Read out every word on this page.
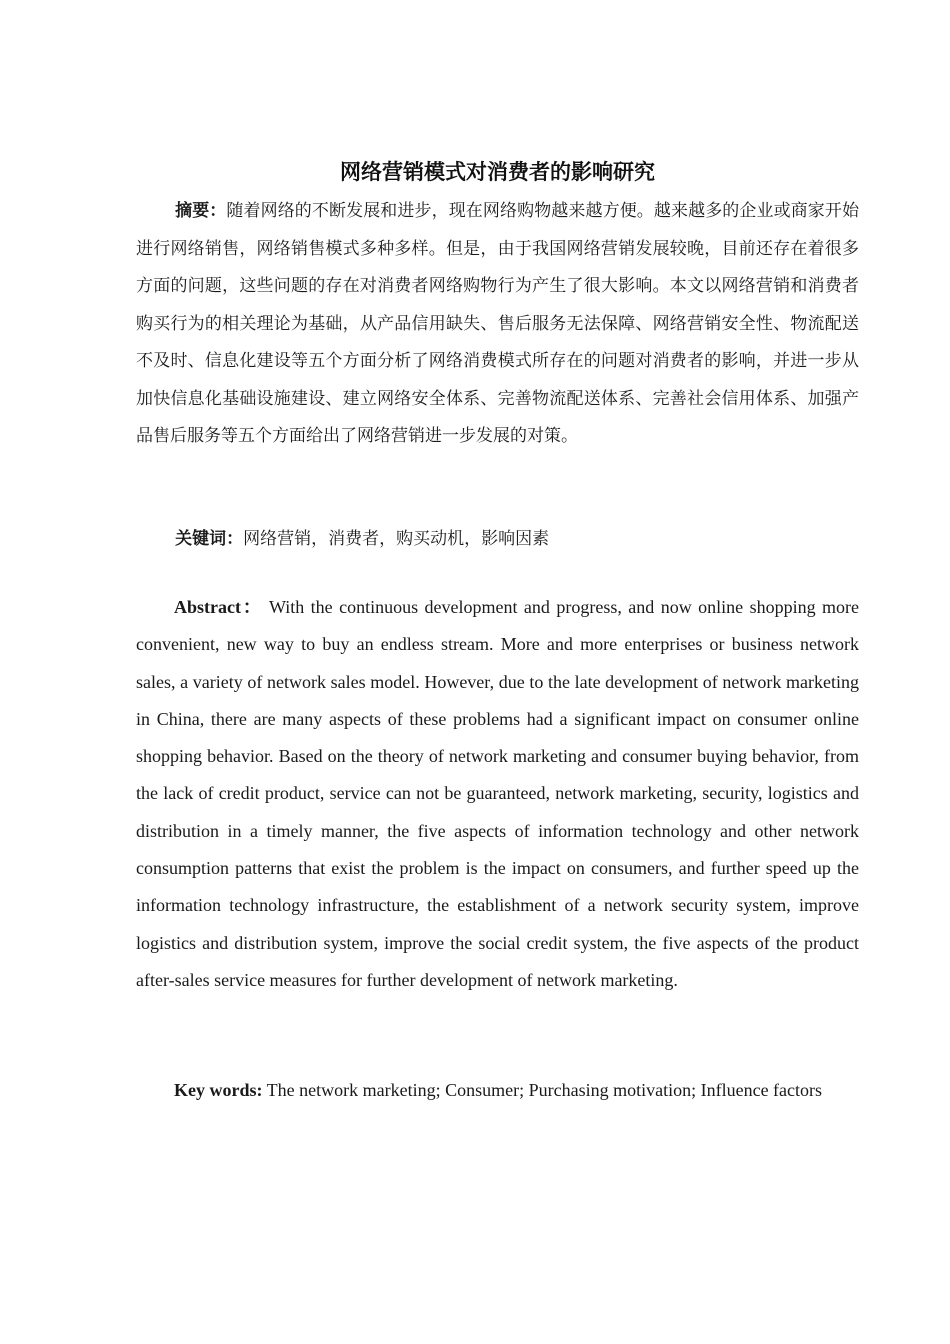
网络营销模式对消费者的影响研究

摘要：随着网络的不断发展和进步，现在网络购物越来越方便。越来越多的企业或商家开始进行网络销售，网络销售模式多种多样。但是，由于我国网络营销发展较晚，目前还存在着很多方面的问题，这些问题的存在对消费者网络购物行为产生了很大影响。本文以网络营销和消费者购买行为的相关理论为基础，从产品信用缺失、售后服务无法保障、网络营销安全性、物流配送不及时、信息化建设等五个方面分析了网络消费模式所存在的问题对消费者的影响，并进一步从加快信息化基础设施建设、建立网络安全体系、完善物流配送体系、完善社会信用体系、加强产品售后服务等五个方面给出了网络营销进一步发展的对策。

关键词：网络营销，消费者，购买动机，影响因素

Abstract： With the continuous development and progress, and now online shopping more convenient, new way to buy an endless stream. More and more enterprises or business network sales, a variety of network sales model. However, due to the late development of network marketing in China, there are many aspects of these problems had a significant impact on consumer online shopping behavior. Based on the theory of network marketing and consumer buying behavior, from the lack of credit product, service can not be guaranteed, network marketing, security, logistics and distribution in a timely manner, the five aspects of information technology and other network consumption patterns that exist the problem is the impact on consumers, and further speed up the information technology infrastructure, the establishment of a network security system, improve logistics and distribution system, improve the social credit system, the five aspects of the product after-sales service measures for further development of network marketing.

Key words: The network marketing; Consumer; Purchasing motivation; Influence factors
